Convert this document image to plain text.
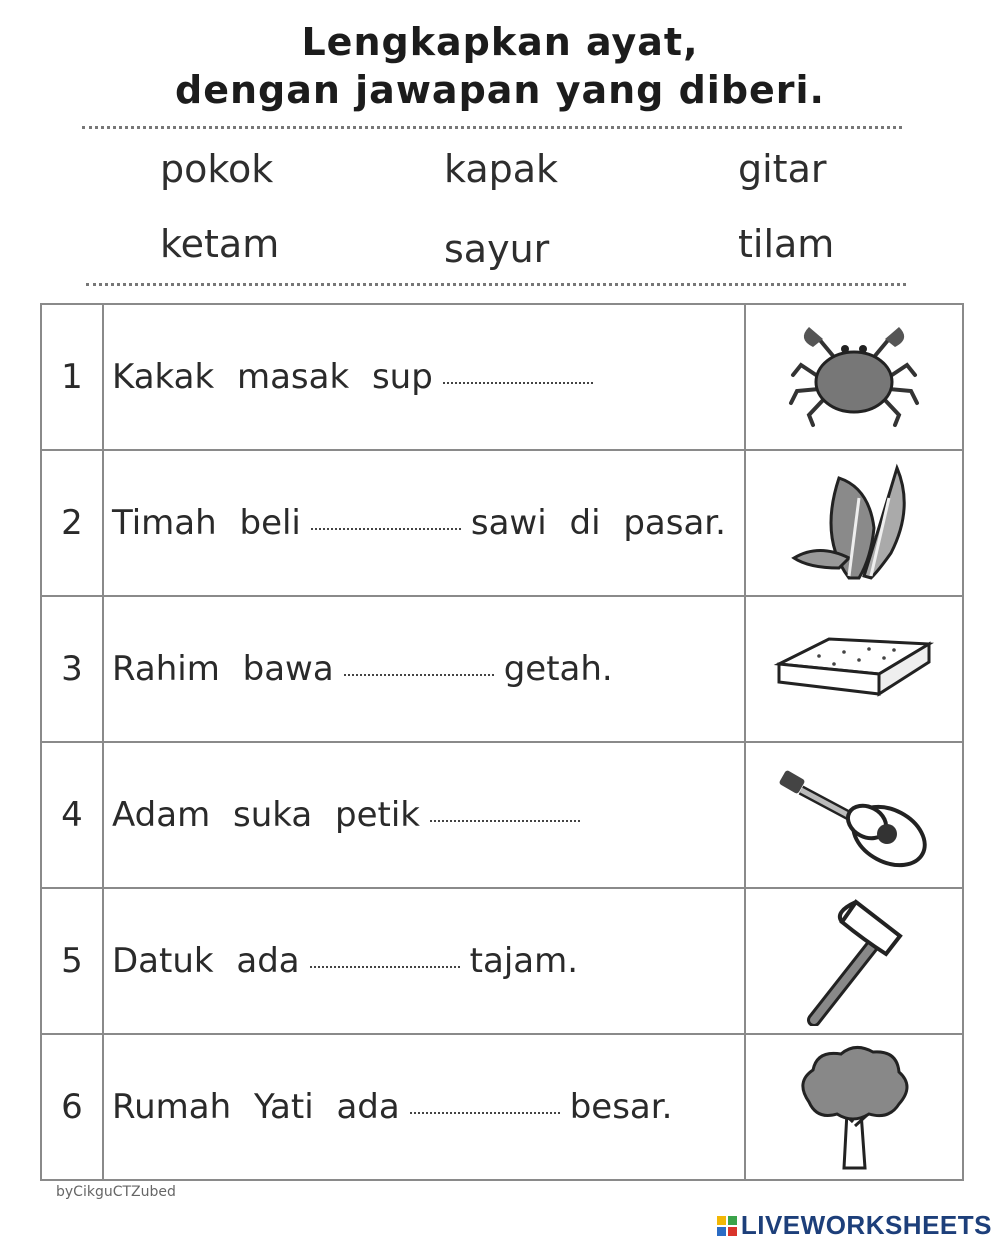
Lengkapkan ayat,
dengan jawapan yang diberi.
pokok	kapak	gitar
ketam	sayur	tilam
1	Kakak masak sup	

2	Timah beli sawi di pasar.	

3	Rahim bawa getah.	

4	Adam suka petik	

5	Datuk ada tajam.	

6	Rumah Yati ada besar.	
byCikguCTZubed
LIVEWORKSHEETS
